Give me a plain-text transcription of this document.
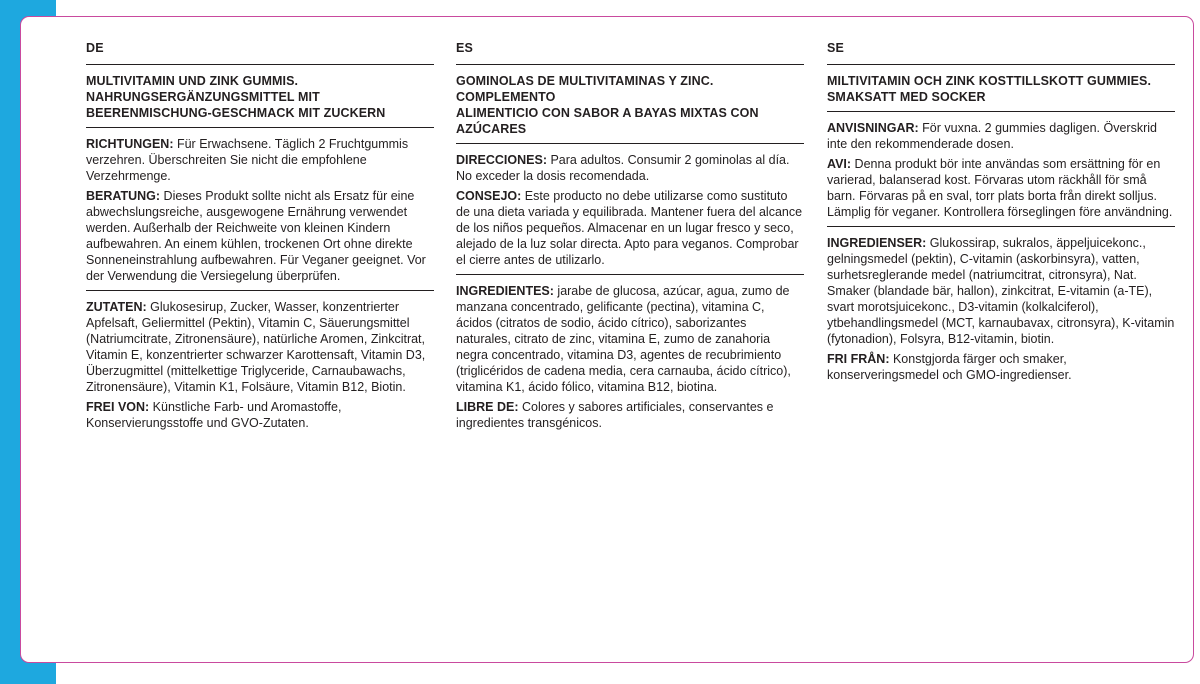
DE
MULTIVITAMIN UND ZINK GUMMIS.
NAHRUNGSERGÄNZUNGSMITTEL MIT
BEERENMISCHUNG-GESCHMACK MIT ZUCKERN

RICHTUNGEN: Für Erwachsene. Täglich 2 Fruchtgummis verzehren. Überschreiten Sie nicht die empfohlene Verzehrmenge.

BERATUNG: Dieses Produkt sollte nicht als Ersatz für eine abwechslungsreiche, ausgewogene Ernährung verwendet werden. Außerhalb der Reichweite von kleinen Kindern aufbewahren. An einem kühlen, trockenen Ort ohne direkte Sonneneinstrahlung aufbewahren. Für Veganer geeignet. Vor der Verwendung die Versiegelung überprüfen.

ZUTATEN: Glukosesirup, Zucker, Wasser, konzentrierter Apfelsaft, Geliermittel (Pektin), Vitamin C, Säuerungsmittel (Natriumcitrate, Zitronensäure), natürliche Aromen, Zinkcitrat, Vitamin E, konzentrierter schwarzer Karottensaft, Vitamin D3, Überzugmittel (mittelkettige Triglyceride, Carnaubawachs, Zitronensäure), Vitamin K1, Folsäure, Vitamin B12, Biotin.

FREI VON: Künstliche Farb- und Aromastoffe, Konservierungsstoffe und GVO-Zutaten.

ES
GOMINOLAS DE MULTIVITAMINAS Y ZINC. COMPLEMENTO
ALIMENTICIO CON SABOR A BAYAS MIXTAS CON AZÚCARES

DIRECCIONES: Para adultos. Consumir 2 gominolas al día. No exceder la dosis recomendada.

CONSEJO: Este producto no debe utilizarse como sustituto de una dieta variada y equilibrada. Mantener fuera del alcance de los niños pequeños. Almacenar en un lugar fresco y seco, alejado de la luz solar directa. Apto para veganos. Comprobar el cierre antes de utilizarlo.

INGREDIENTES: jarabe de glucosa, azúcar, agua, zumo de manzana concentrado, gelificante (pectina), vitamina C, ácidos (citratos de sodio, ácido cítrico), saborizantes naturales, citrato de zinc, vitamina E, zumo de zanahoria negra concentrado, vitamina D3, agentes de recubrimiento (triglicéridos de cadena media, cera carnauba, ácido cítrico), vitamina K1, ácido fólico, vitamina B12, biotina.

LIBRE DE: Colores y sabores artificiales, conservantes e ingredientes transgénicos.

SE
MILTIVITAMIN OCH ZINK KOSTTILLSKOTT GUMMIES.
SMAKSATT MED SOCKER

ANVISNINGAR: För vuxna. 2 gummies dagligen. Överskrid inte den rekommenderade dosen.

AVI: Denna produkt bör inte användas som ersättning för en varierad, balanserad kost. Förvaras utom räckhåll för små barn. Förvaras på en sval, torr plats borta från direkt solljus. Lämplig för veganer. Kontrollera förseglingen före användning.

INGREDIENSER: Glukossirap, sukralos, äppeljuicekonc., gelningsmedel (pektin), C-vitamin (askorbinsyra), vatten, surhetsreglerande medel (natriumcitrat, citronsyra), Nat. Smaker (blandade bär, hallon), zinkcitrat, E-vitamin (a-TE), svart morotsjuicekonc., D3-vitamin (kolkalciferol), ytbehandlingsmedel (MCT, karnaubavax, citronsyra), K-vitamin (fytonadion), Folsyra, B12-vitamin, biotin.

FRI FRÅN: Konstgjorda färger och smaker, konserveringsmedel och GMO-ingredienser.
